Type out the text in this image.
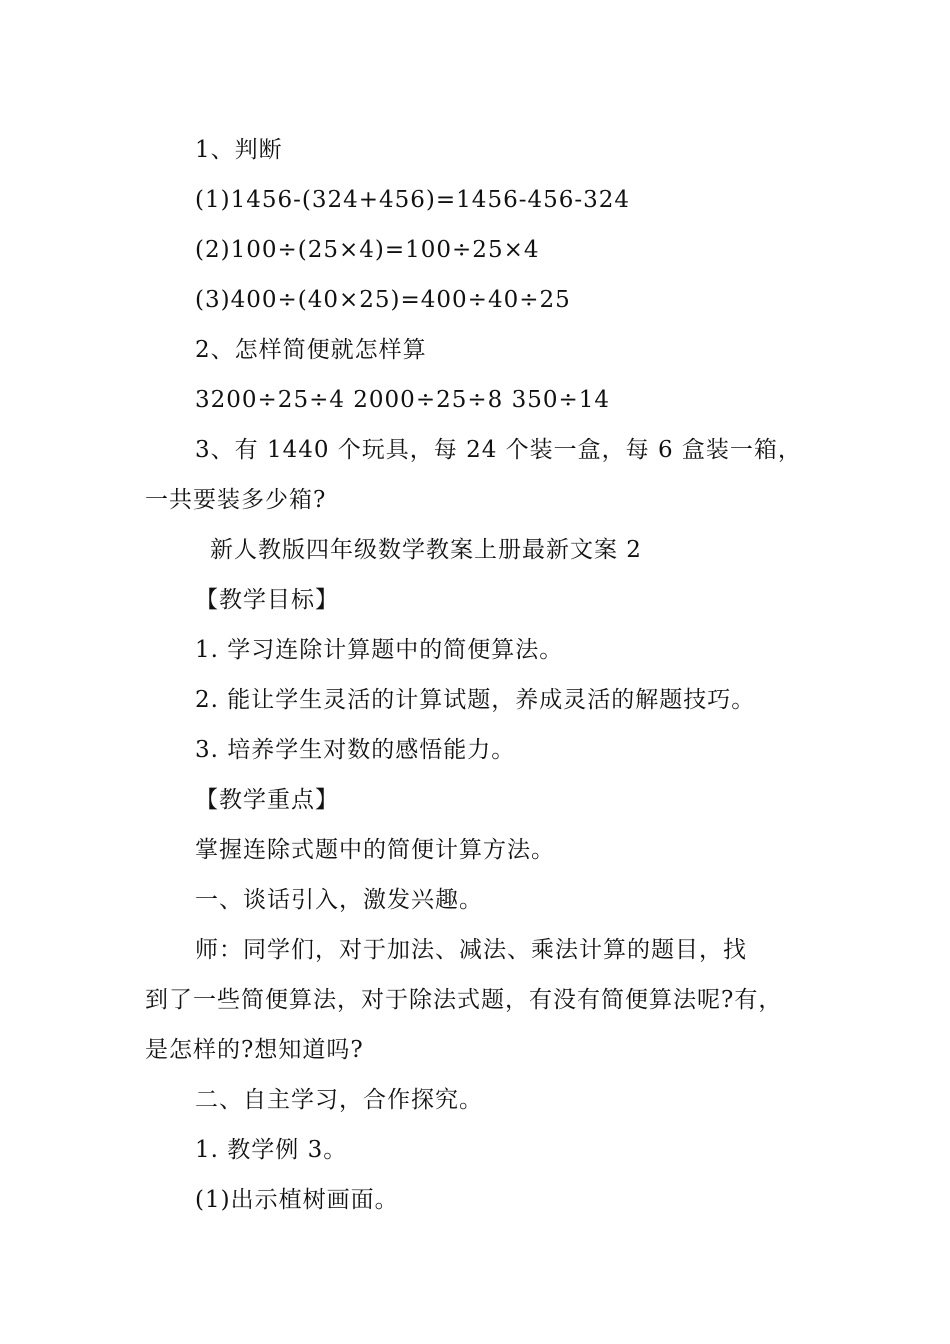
1、判断
(1)1456-(324+456)=1456-456-324
(2)100÷(25×4)=100÷25×4
(3)400÷(40×25)=400÷40÷25
2、怎样简便就怎样算
3200÷25÷4 2000÷25÷8 350÷14
3、有 1440 个玩具，每 24 个装一盒，每 6 盒装一箱，
一共要装多少箱?
新人教版四年级数学教案上册最新文案 2
【教学目标】
1. 学习连除计算题中的简便算法。
2. 能让学生灵活的计算试题，养成灵活的解题技巧。
3. 培养学生对数的感悟能力。
【教学重点】
掌握连除式题中的简便计算方法。
一、谈话引入，激发兴趣。
师：同学们，对于加法、减法、乘法计算的题目，找
到了一些简便算法，对于除法式题，有没有简便算法呢?有，
是怎样的?想知道吗?
二、自主学习，合作探究。
1. 教学例 3。
(1)出示植树画面。
